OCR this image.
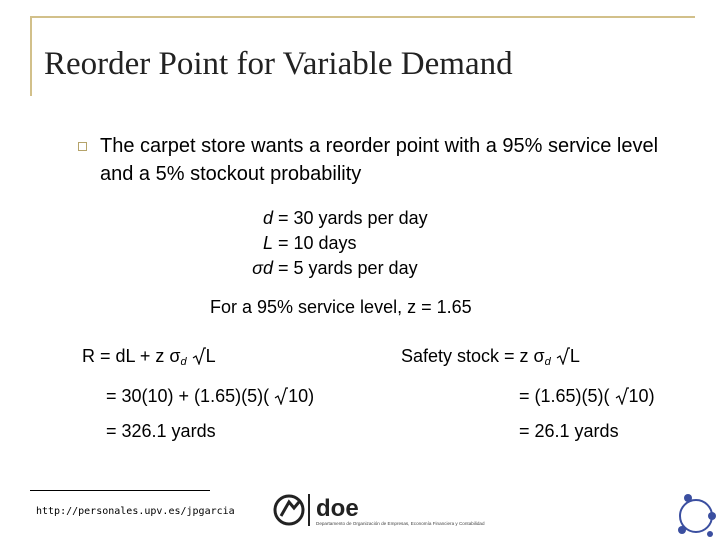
Reorder Point for Variable Demand
The carpet store wants a reorder point with a 95% service level and a 5% stockout probability
d = 30 yards per day
L = 10 days
σd = 5 yards per day
For a 95% service level, z = 1.65
R = dL + z $\sigma_d$ L
= 30(10) + (1.65)(5)( 10)
= 326.1 yards
Safety stock = z $\sigma_d$ L
= (1.65)(5)( 10)
= 26.1 yards
http://personales.upv.es/jpgarcia	doe
Departamento de Organización de Empresas, Economía Financiera y Contabilidad
